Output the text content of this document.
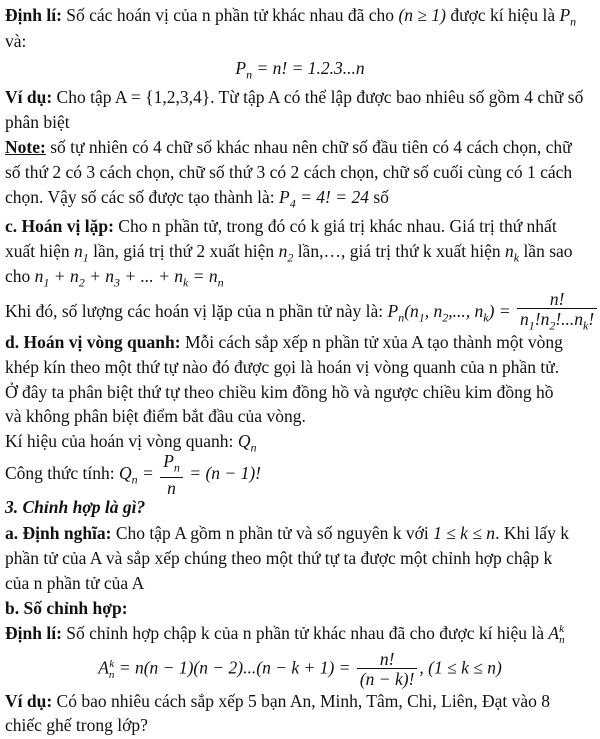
Định lí: Số các hoán vị của n phần tử khác nhau đã cho (n ≥ 1) được kí hiệu là $P_n$
và:
$P_n = n$! = 1.2.3...n
Ví dụ: Cho tập A = {1,2,3,4}. Từ tập A có thể lập được bao nhiêu số gồm 4 chữ số
phân biệt
Note: số tự nhiên có 4 chữ số khác nhau nên chữ số đầu tiên có 4 cách chọn, chữ
số thứ 2 có 3 cách chọn, chữ số thứ 3 có 2 cách chọn, chữ số cuối cùng có 1 cách
chọn. Vậy số các số được tạo thành là: $P_4 = 4$! = 24 số
c. Hoán vị lặp: Cho n phần tử, trong đó có k giá trị khác nhau. Giá trị thứ nhất
xuất hiện $n_1$ lần, giá trị thứ 2 xuất hiện $n_2$ lần,…, giá trị thứ k xuất hiện $n_k$ lần sao
cho $n_1 + n_2 + n_3$ + ... + $n_k = n_n$
Khi đó, số lượng các hoán vị lặp của n phần tử này là: $P_n(n_1$, $n_2$,..., $n_k) = \frac{n!}{n_1!n_2!...n_k!}$
d. Hoán vị vòng quanh: Mỗi cách sắp xếp n phần tử xủa A tạo thành một vòng
khép kín theo một thứ tự nào đó được gọi là hoán vị vòng quanh của n phần tử.
Ở đây ta phân biệt thứ tự theo chiều kim đồng hồ và ngược chiều kim đồng hồ
và không phân biệt điểm bắt đầu của vòng.
Kí hiệu của hoán vị vòng quanh: $Q_n$
Công thức tính: $Q_n = \frac{P_n}{n} = (n - 1)$!
3. Chỉnh hợp là gì?
a. Định nghĩa: Cho tập A gồm n phần tử và số nguyên k với 1 ≤ k ≤ n. Khi lấy k
phần tử của A và sắp xếp chúng theo một thứ tự ta được một chỉnh hợp chập k
của n phần tử của A
b. Số chỉnh hợp:
Định lí: Số chỉnh hợp chập k của n phần tử khác nhau đã cho được kí hiệu là A k
n
A k
$n = n(n - 1)(n - 2)...(n - k + 1) = \frac{n!}{(n - k)!}$ , (1 ≤ k ≤ n)
Ví dụ: Có bao nhiêu cách sắp xếp 5 bạn An, Minh, Tâm, Chi, Liên, Đạt vào 8
chiếc ghế trong lớp?
